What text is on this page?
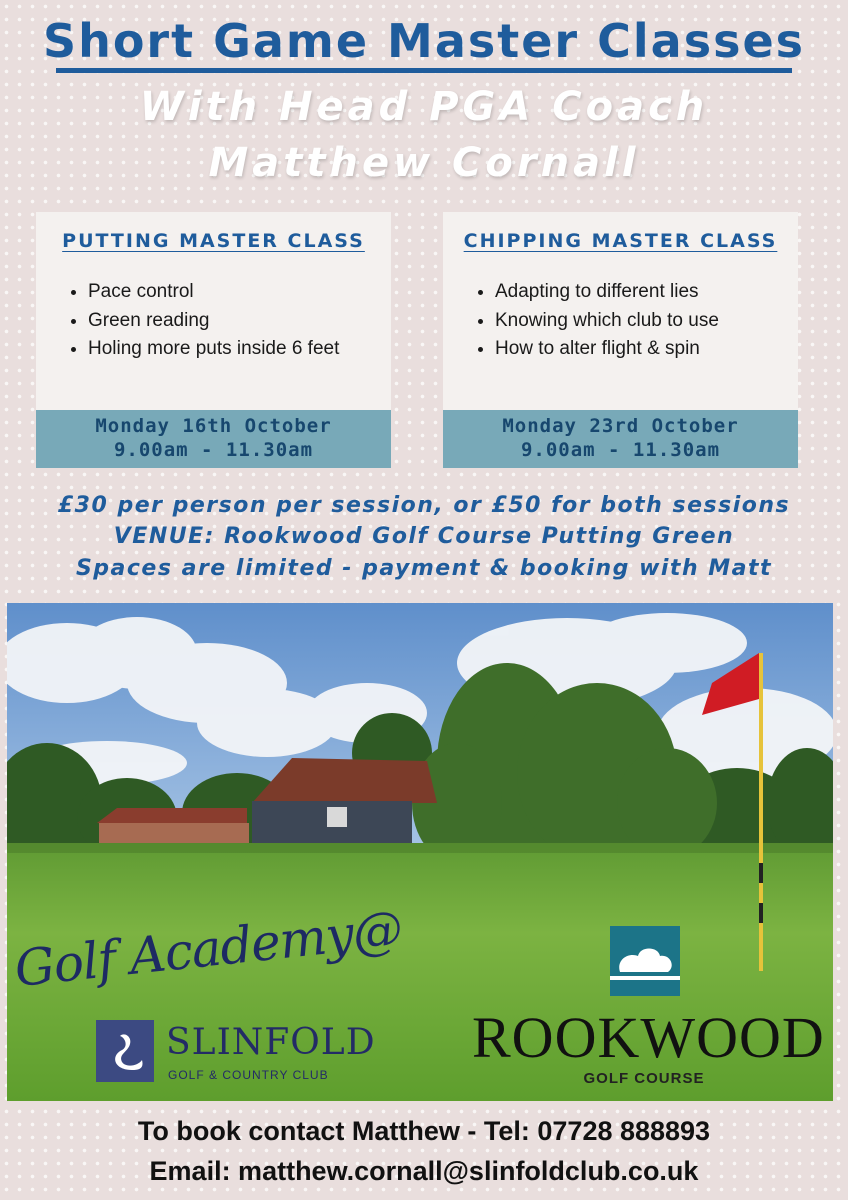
Short Game Master Classes
With Head PGA Coach
Matthew Cornall
PUTTING MASTER CLASS
• Pace control
• Green reading
• Holing more puts inside 6 feet
Monday 16th October
9.00am - 11.30am
CHIPPING MASTER CLASS
• Adapting to different lies
• Knowing which club to use
• How to alter flight & spin
Monday 23rd October
9.00am - 11.30am
£30 per person per session, or £50 for both sessions
VENUE: Rookwood Golf Course Putting Green
Spaces are limited - payment & booking with Matt
Golf Academy@
SLINFOLD
GOLF & COUNTRY CLUB
ROOKWOOD
GOLF COURSE
To book contact Matthew - Tel: 07728 888893
Email: matthew.cornall@slinfoldclub.co.uk
